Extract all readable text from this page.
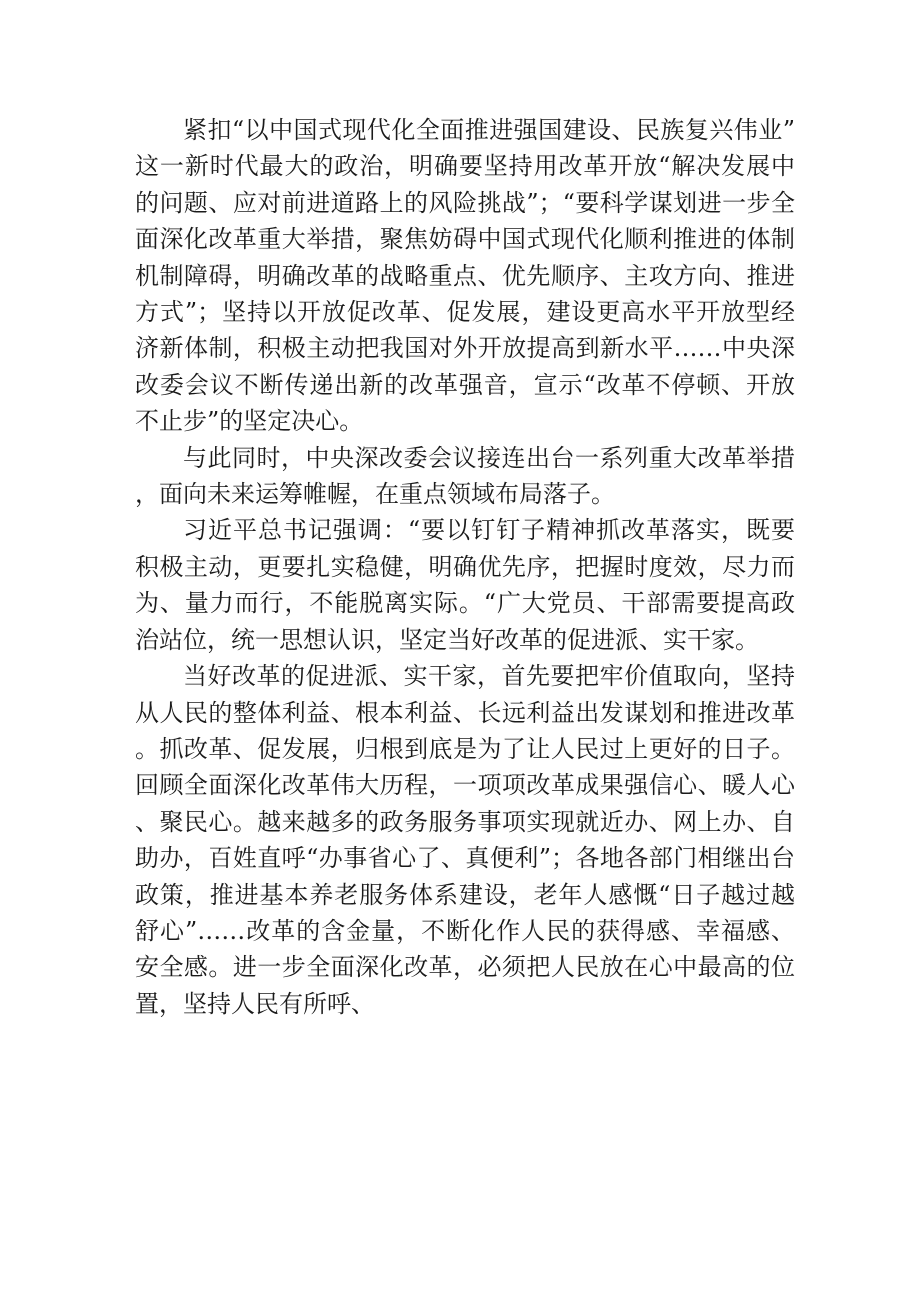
紧扣“以中国式现代化全面推进强国建设、民族复兴伟业”这一新时代最大的政治，明确要坚持用改革开放“解决发展中的问题、应对前进道路上的风险挑战”；“要科学谋划进一步全面深化改革重大举措，聚焦妨碍中国式现代化顺利推进的体制机制障碍，明确改革的战略重点、优先顺序、主攻方向、推进方式”；坚持以开放促改革、促发展，建设更高水平开放型经济新体制，积极主动把我国对外开放提高到新水平……中央深改委会议不断传递出新的改革强音，宣示“改革不停顿、开放不止步”的坚定决心。

与此同时，中央深改委会议接连出台一系列重大改革举措，面向未来运筹帷幄，在重点领域布局落子。

习近平总书记强调：“要以钉钉子精神抓改革落实，既要积极主动，更要扎实稳健，明确优先序，把握时度效，尽力而为、量力而行，不能脱离实际。“广大党员、干部需要提高政治站位，统一思想认识，坚定当好改革的促进派、实干家。

当好改革的促进派、实干家，首先要把牢价值取向，坚持从人民的整体利益、根本利益、长远利益出发谋划和推进改革。抓改革、促发展，归根到底是为了让人民过上更好的日子。回顾全面深化改革伟大历程，一项项改革成果强信心、暖人心、聚民心。越来越多的政务服务事项实现就近办、网上办、自助办，百姓直呼“办事省心了、真便利”；各地各部门相继出台政策，推进基本养老服务体系建设，老年人感慨“日子越过越舒心”……改革的含金量，不断化作人民的获得感、幸福感、安全感。进一步全面深化改革，必须把人民放在心中最高的位置，坚持人民有所呼、
